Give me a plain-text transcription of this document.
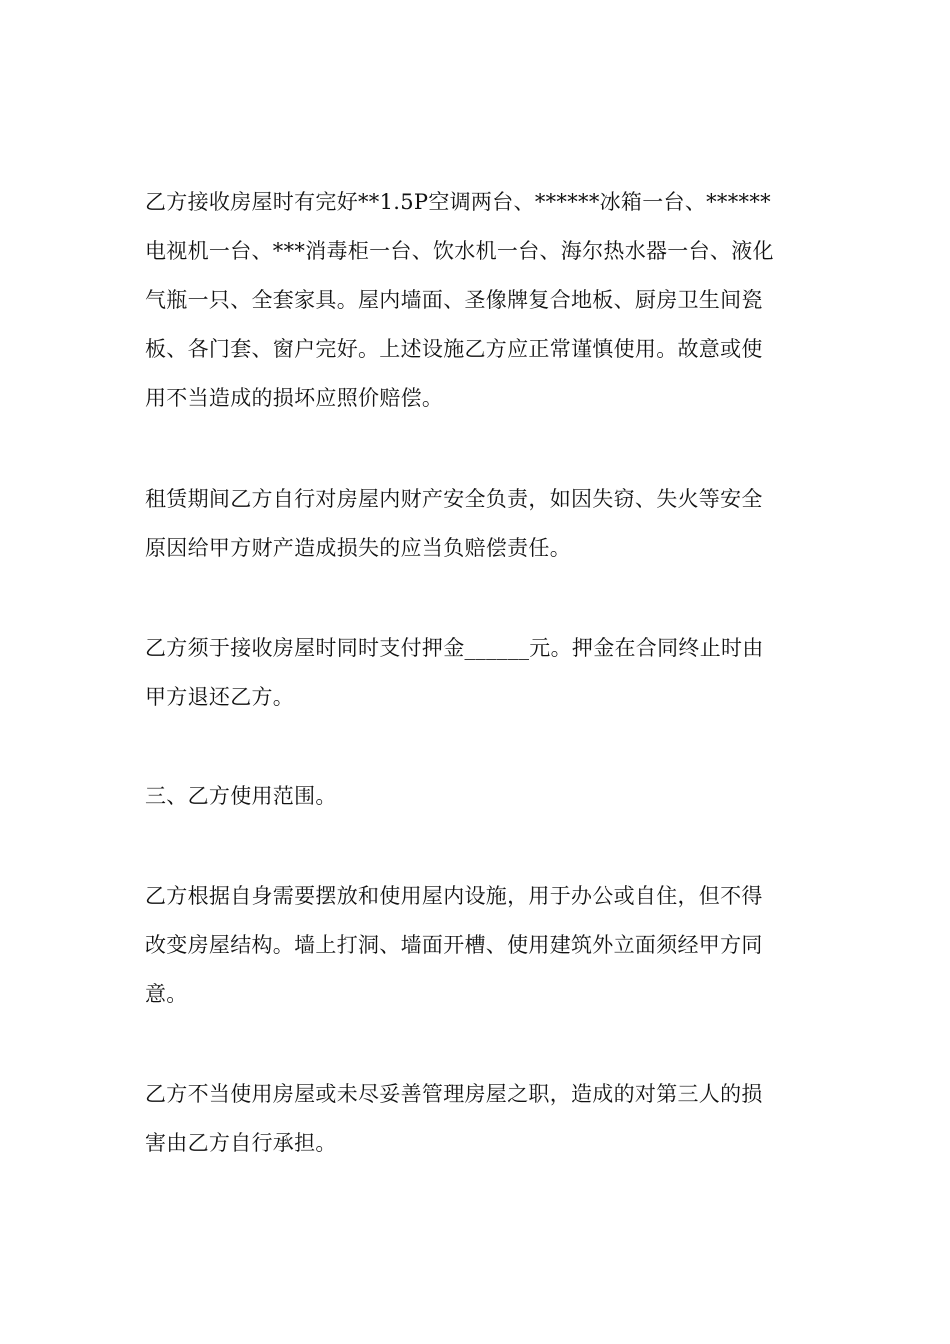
乙方接收房屋时有完好**1.5P空调两台、******冰箱一台、******
电视机一台、***消毒柜一台、饮水机一台、海尔热水器一台、液化
气瓶一只、全套家具。屋内墙面、圣像牌复合地板、厨房卫生间瓷
板、各门套、窗户完好。上述设施乙方应正常谨慎使用。故意或使
用不当造成的损坏应照价赔偿。

租赁期间乙方自行对房屋内财产安全负责，如因失窃、失火等安全
原因给甲方财产造成损失的应当负赔偿责任。

乙方须于接收房屋时同时支付押金______元。押金在合同终止时由
甲方退还乙方。

三、乙方使用范围。

乙方根据自身需要摆放和使用屋内设施，用于办公或自住，但不得
改变房屋结构。墙上打洞、墙面开槽、使用建筑外立面须经甲方同
意。

乙方不当使用房屋或未尽妥善管理房屋之职，造成的对第三人的损
害由乙方自行承担。
